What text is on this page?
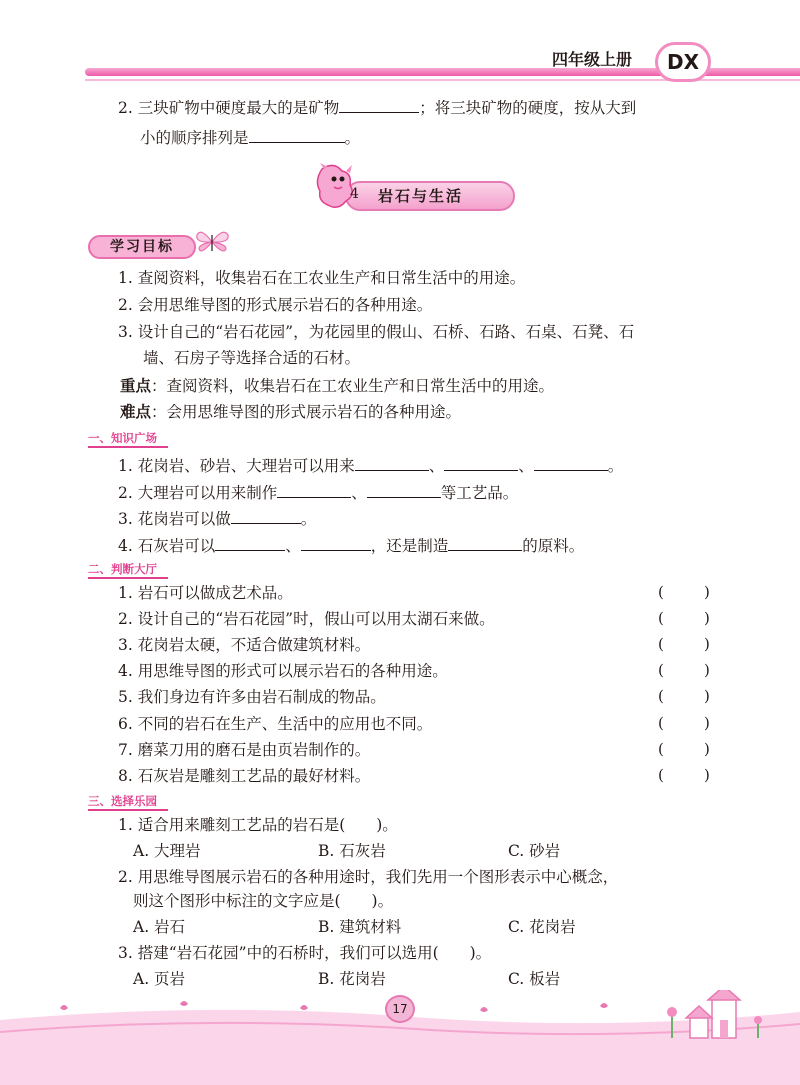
四年级上册	DX
2. 三块矿物中硬度最大的是矿物	；将三块矿物的硬度，按从大到
小的顺序排列是	。
4 岩石与生活
学习目标
1. 查阅资料，收集岩石在工农业生产和日常生活中的用途。
2. 会用思维导图的形式展示岩石的各种用途。
3. 设计自己的“岩石花园”，为花园里的假山、石桥、石路、石桌、石凳、石
墙、石房子等选择合适的石材。
重点：查阅资料，收集岩石在工农业生产和日常生活中的用途。
难点：会用思维导图的形式展示岩石的各种用途。
一、知识广场
1. 花岗岩、砂岩、大理岩可以用来	、	、	。
2. 大理岩可以用来制作	、	等工艺品。
3. 花岗岩可以做	。
4. 石灰岩可以	、	，还是制造	的原料。
二、判断大厅
1. 岩石可以做成艺术品。	(	)
2. 设计自己的“岩石花园”时，假山可以用太湖石来做。	(	)
3. 花岗岩太硬，不适合做建筑材料。	(	)
4. 用思维导图的形式可以展示岩石的各种用途。	(	)
5. 我们身边有许多由岩石制成的物品。	(	)
6. 不同的岩石在生产、生活中的应用也不同。	(	)
7. 磨菜刀用的磨石是由页岩制作的。	(	)
8. 石灰岩是雕刻工艺品的最好材料。	(	)
三、选择乐园
1. 适合用来雕刻工艺品的岩石是(　　)。
A. 大理岩	B. 石灰岩	C. 砂岩
2. 用思维导图展示岩石的各种用途时，我们先用一个图形表示中心概念，
则这个图形中标注的文字应是(　　)。
A. 岩石	B. 建筑材料	C. 花岗岩
3. 搭建“岩石花园”中的石桥时，我们可以选用(　　)。
A. 页岩	B. 花岗岩	C. 板岩
17
